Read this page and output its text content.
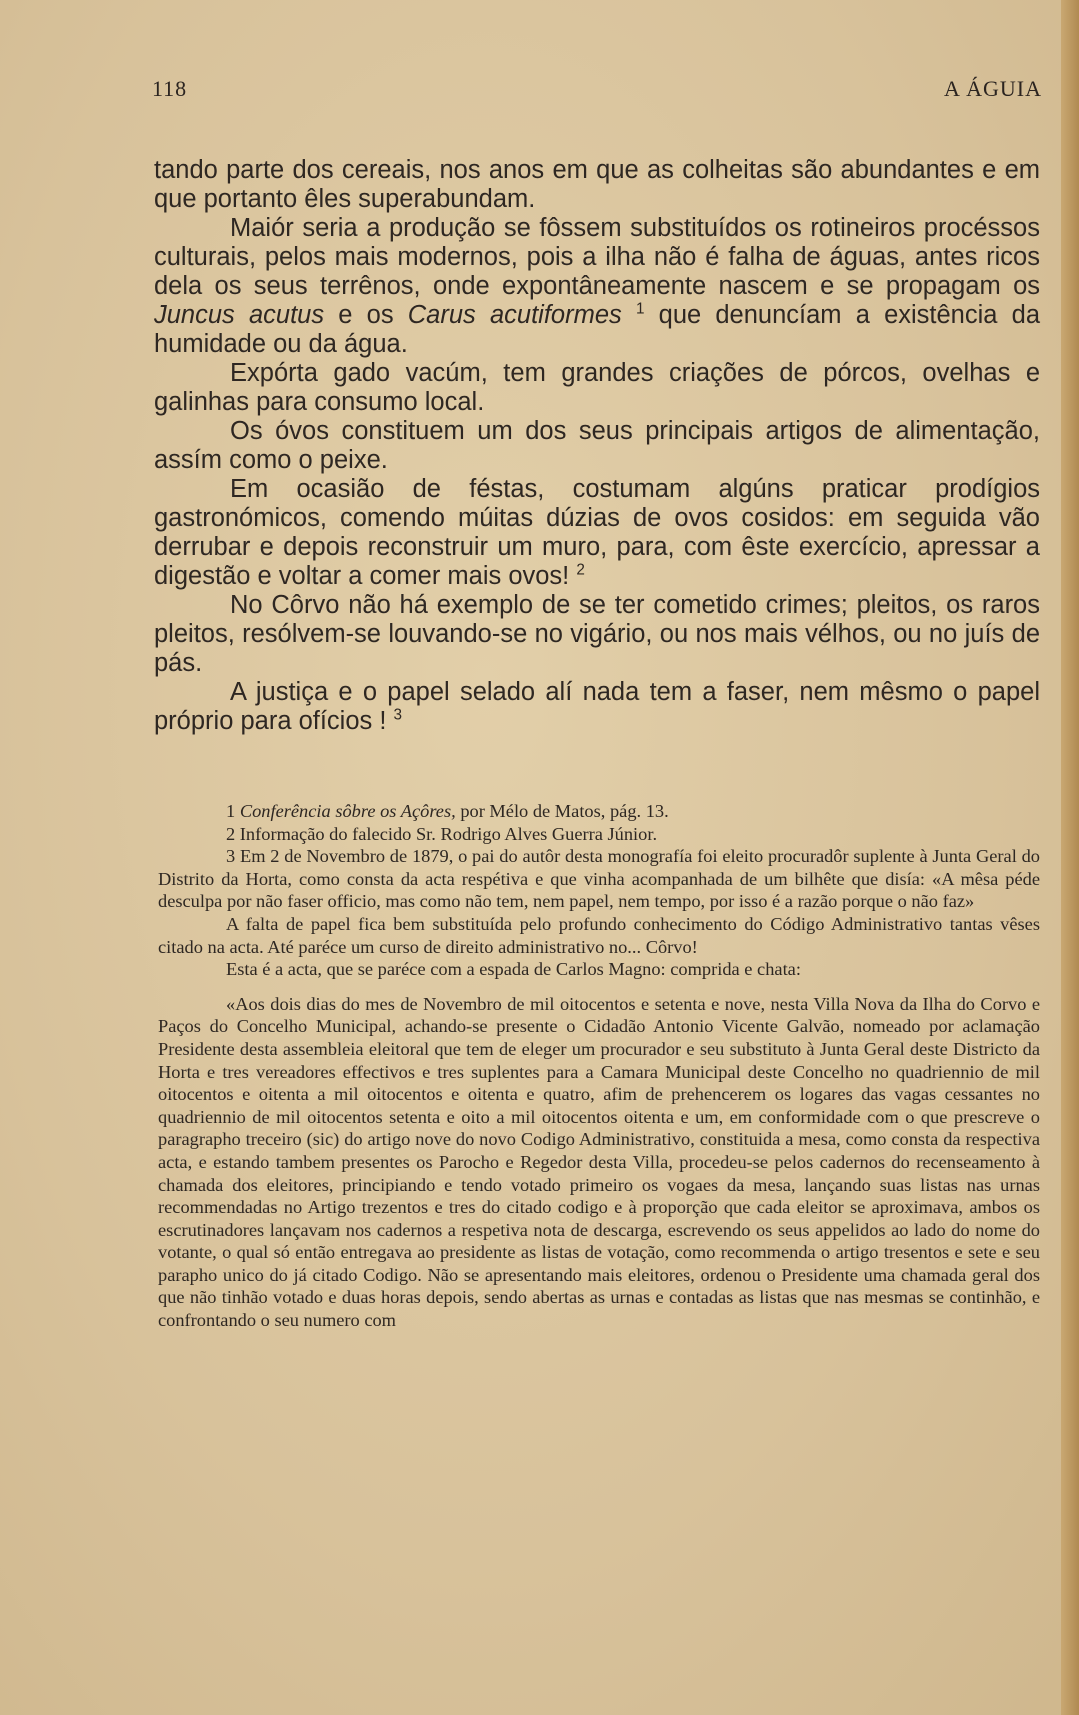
118	A ÁGUIA

tando parte dos cereais, nos anos em que as colheitas são abundantes e em que portanto êles superabundam.

Maiór seria a produção se fôssem substituídos os rotineiros procéssos culturais, pelos mais modernos, pois a ilha não é falha de águas, antes ricos dela os seus terrênos, onde expontâneamente nascem e se propagam os Juncus acutus e os Carus acutiformes $^1$ que denuncíam a existência da humidade ou da água.

Expórta gado vacúm, tem grandes criações de pórcos, ovelhas e galinhas para consumo local.

Os óvos constituem um dos seus principais artigos de alimentação, assím como o peixe.

Em ocasião de féstas, costumam algúns praticar prodígios gastronómicos, comendo múitas dúzias de ovos cosidos: em seguida vão derrubar e depois reconstruir um muro, para, com êste exercício, apressar a digestão e voltar a comer mais ovos! $^2$

No Côrvo não há exemplo de se ter cometido crimes; pleitos, os raros pleitos, resólvem-se louvando-se no vigário, ou nos mais vélhos, ou no juís de pás.

A justiça e o papel selado alí nada tem a faser, nem mêsmo o papel próprio para ofícios ! $^3$

1 Conferência sôbre os Açôres, por Mélo de Matos, pág. 13.

2 Informação do falecido Sr. Rodrigo Alves Guerra Júnior.

3 Em 2 de Novembro de 1879, o pai do autôr desta monografía foi eleito procuradôr suplente à Junta Geral do Distrito da Horta, como consta da acta respétiva e que vinha acompanhada de um bilhête que disía: «A mêsa péde desculpa por não faser officio, mas como não tem, nem papel, nem tempo, por isso é a razão porque o não faz»

A falta de papel fica bem substituída pelo profundo conhecimento do Código Administrativo tantas vêses citado na acta. Até paréce um curso de direito administrativo no... Côrvo!

Esta é a acta, que se paréce com a espada de Carlos Magno: comprida e chata:

«Aos dois dias do mes de Novembro de mil oitocentos e setenta e nove, nesta Villa Nova da Ilha do Corvo e Paços do Concelho Municipal, achando-se presente o Cidadão Antonio Vicente Galvão, nomeado por aclamação Presidente desta assembleia eleitoral que tem de eleger um procurador e seu substituto à Junta Geral deste Districto da Horta e tres vereadores effectivos e tres suplentes para a Camara Municipal deste Concelho no quadriennio de mil oitocentos e oitenta a mil oitocentos e oitenta e quatro, afim de prehencerem os logares das vagas cessantes no quadriennio de mil oitocentos setenta e oito a mil oitocentos oitenta e um, em conformidade com o que prescreve o paragrapho treceiro (sic) do artigo nove do novo Codigo Administrativo, constituida a mesa, como consta da respectiva acta, e estando tambem presentes os Parocho e Regedor desta Villa, procedeu-se pelos cadernos do recenseamento à chamada dos eleitores, principiando e tendo votado primeiro os vogaes da mesa, lançando suas listas nas urnas recommendadas no Artigo trezentos e tres do citado codigo e à proporção que cada eleitor se aproximava, ambos os escrutinadores lançavam nos cadernos a respetiva nota de descarga, escrevendo os seus appelidos ao lado do nome do votante, o qual só então entregava ao presidente as listas de votação, como recommenda o artigo tresentos e sete e seu parapho unico do já citado Codigo. Não se apresentando mais eleitores, ordenou o Presidente uma chamada geral dos que não tinhão votado e duas horas depois, sendo abertas as urnas e contadas as listas que nas mesmas se continhão, e confrontando o seu numero com
